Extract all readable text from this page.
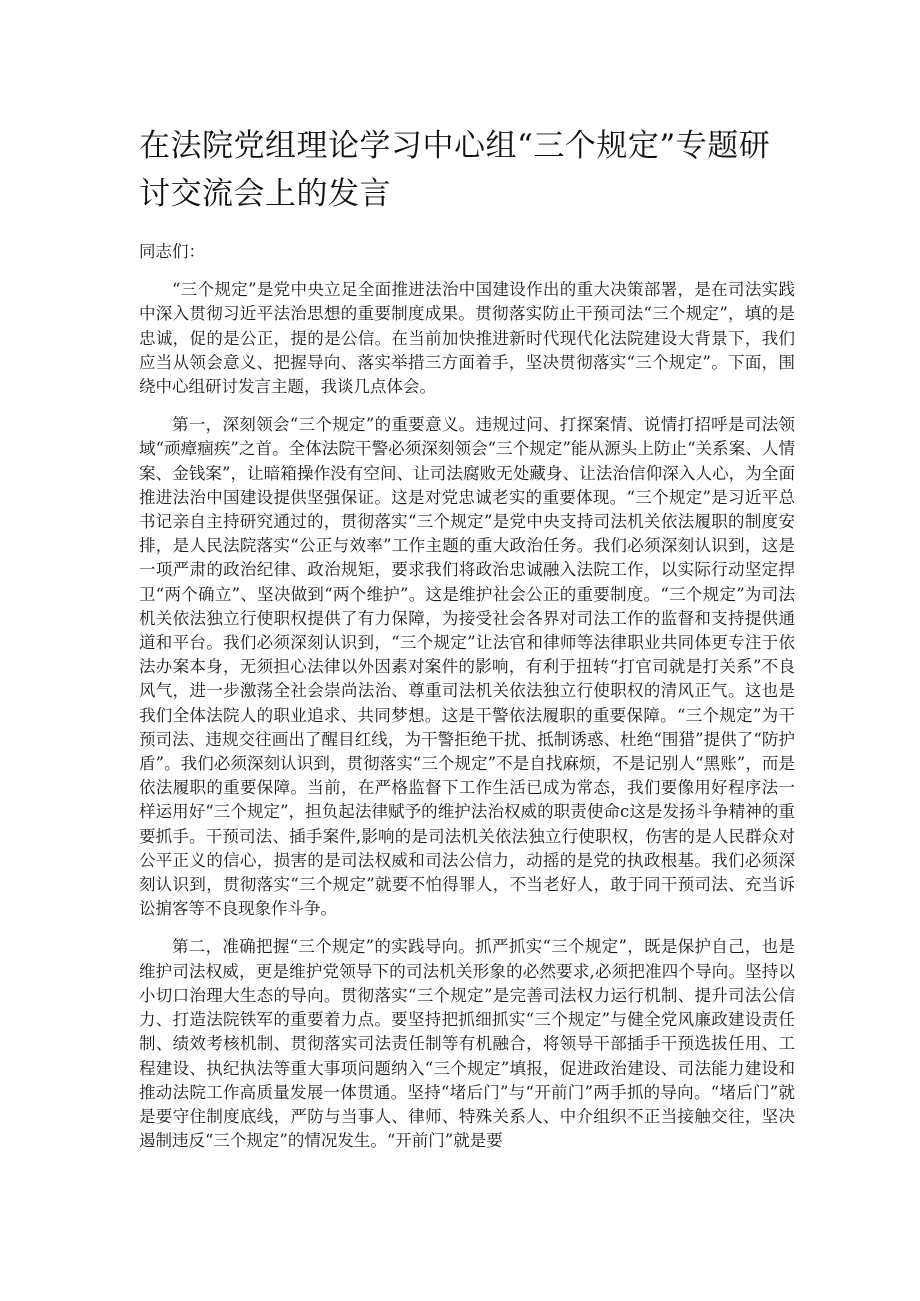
在法院党组理论学习中心组“三个规定”专题研讨交流会上的发言

同志们：

“三个规定”是党中央立足全面推进法治中国建设作出的重大决策部署，是在司法实践中深入贯彻习近平法治思想的重要制度成果。贯彻落实防止干预司法“三个规定”，填的是忠诚，促的是公正，提的是公信。在当前加快推进新时代现代化法院建设大背景下，我们应当从领会意义、把握导向、落实举措三方面着手，坚决贯彻落实“三个规定”。下面，围绕中心组研讨发言主题，我谈几点体会。

第一，深刻领会“三个规定”的重要意义。违规过问、打探案情、说情打招呼是司法领域“顽瘴痼疾”之首。全体法院干警必须深刻领会“三个规定”能从源头上防止“关系案、人情案、金钱案”，让暗箱操作没有空间、让司法腐败无处藏身、让法治信仰深入人心，为全面推进法治中国建设提供坚强保证。这是对党忠诚老实的重要体现。“三个规定”是习近平总书记亲自主持研究通过的，贯彻落实“三个规定”是党中央支持司法机关依法履职的制度安排，是人民法院落实“公正与效率”工作主题的重大政治任务。我们必须深刻认识到，这是一项严肃的政治纪律、政治规矩，要求我们将政治忠诚融入法院工作，以实际行动坚定捍卫“两个确立”、坚决做到“两个维护”。这是维护社会公正的重要制度。“三个规定”为司法机关依法独立行使职权提供了有力保障，为接受社会各界对司法工作的监督和支持提供通道和平台。我们必须深刻认识到，“三个规定”让法官和律师等法律职业共同体更专注于依法办案本身，无须担心法律以外因素对案件的影响，有利于扭转“打官司就是打关系”不良风气，进一步激荡全社会崇尚法治、尊重司法机关依法独立行使职权的清风正气。这也是我们全体法院人的职业追求、共同梦想。这是干警依法履职的重要保障。“三个规定”为干预司法、违规交往画出了醒目红线，为干警拒绝干扰、抵制诱惑、杜绝“围猎”提供了“防护盾”。我们必须深刻认识到，贯彻落实“三个规定”不是自找麻烦，不是记别人“黑账”，而是依法履职的重要保障。当前，在严格监督下工作生活已成为常态，我们要像用好程序法一样运用好“三个规定”，担负起法律赋予的维护法治权威的职责使命c这是发扬斗争精神的重要抓手。干预司法、插手案件,影响的是司法机关依法独立行使职权，伤害的是人民群众对公平正义的信心，损害的是司法权威和司法公信力，动摇的是党的执政根基。我们必须深刻认识到，贯彻落实“三个规定”就要不怕得罪人，不当老好人，敢于同干预司法、充当诉讼掮客等不良现象作斗争。

第二，准确把握“三个规定”的实践导向。抓严抓实“三个规定”，既是保护自己，也是维护司法权威，更是维护党领导下的司法机关形象的必然要求,必须把准四个导向。坚持以小切口治理大生态的导向。贯彻落实“三个规定”是完善司法权力运行机制、提升司法公信力、打造法院铁军的重要着力点。要坚持把抓细抓实“三个规定”与健全党风廉政建设责任制、绩效考核机制、贯彻落实司法责任制等有机融合，将领导干部插手干预选拔任用、工程建设、执纪执法等重大事项问题纳入“三个规定”填报，促进政治建设、司法能力建设和推动法院工作高质量发展一体贯通。坚持“堵后门”与“开前门”两手抓的导向。“堵后门”就是要守住制度底线，严防与当事人、律师、特殊关系人、中介组织不正当接触交往，坚决遏制违反“三个规定”的情况发生。“开前门”就是要
